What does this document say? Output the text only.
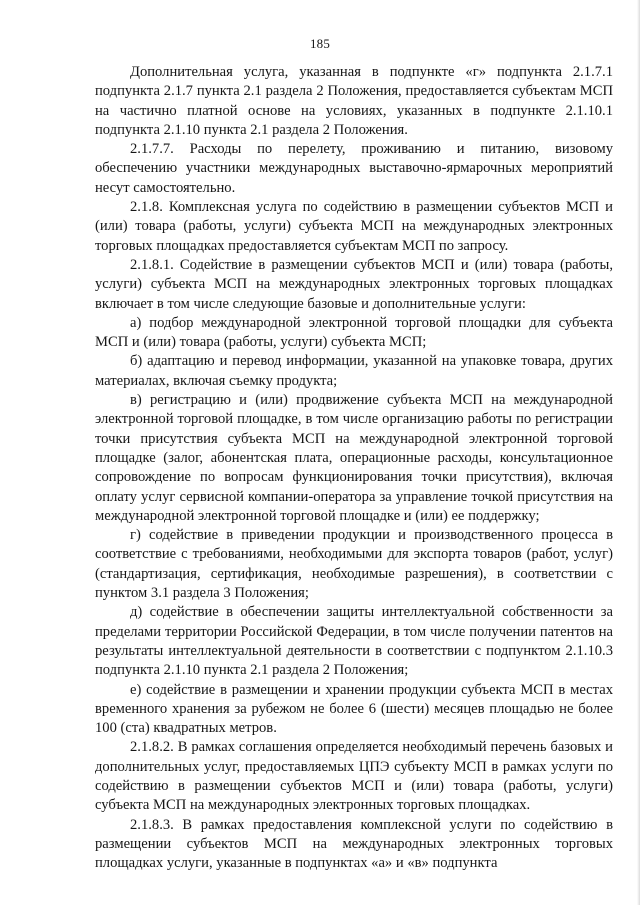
185

Дополнительная услуга, указанная в подпункте «г» подпункта 2.1.7.1 подпункта 2.1.7 пункта 2.1 раздела 2 Положения, предоставляется субъектам МСП на частично платной основе на условиях, указанных в подпункте 2.1.10.1 подпункта 2.1.10 пункта 2.1 раздела 2 Положения.

2.1.7.7. Расходы по перелету, проживанию и питанию, визовому обеспечению участники международных выставочно-ярмарочных мероприятий несут самостоятельно.

2.1.8. Комплексная услуга по содействию в размещении субъектов МСП и (или) товара (работы, услуги) субъекта МСП на международных электронных торговых площадках предоставляется субъектам МСП по запросу.

2.1.8.1. Содействие в размещении субъектов МСП и (или) товара (работы, услуги) субъекта МСП на международных электронных торговых площадках включает в том числе следующие базовые и дополнительные услуги:

а) подбор международной электронной торговой площадки для субъекта МСП и (или) товара (работы, услуги) субъекта МСП;

б) адаптацию и перевод информации, указанной на упаковке товара, других материалах, включая съемку продукта;

в) регистрацию и (или) продвижение субъекта МСП на международной электронной торговой площадке, в том числе организацию работы по регистрации точки присутствия субъекта МСП на международной электронной торговой площадке (залог, абонентская плата, операционные расходы, консультационное сопровождение по вопросам функционирования точки присутствия), включая оплату услуг сервисной компании-оператора за управление точкой присутствия на международной электронной торговой площадке и (или) ее поддержку;

г) содействие в приведении продукции и производственного процесса в соответствие с требованиями, необходимыми для экспорта товаров (работ, услуг) (стандартизация, сертификация, необходимые разрешения), в соответствии с пунктом 3.1 раздела 3 Положения;

д) содействие в обеспечении защиты интеллектуальной собственности за пределами территории Российской Федерации, в том числе получении патентов на результаты интеллектуальной деятельности в соответствии с подпунктом 2.1.10.3 подпункта 2.1.10 пункта 2.1 раздела 2 Положения;

е) содействие в размещении и хранении продукции субъекта МСП в местах временного хранения за рубежом не более 6 (шести) месяцев площадью не более 100 (ста) квадратных метров.

2.1.8.2. В рамках соглашения определяется необходимый перечень базовых и дополнительных услуг, предоставляемых ЦПЭ субъекту МСП в рамках услуги по содействию в размещении субъектов МСП и (или) товара (работы, услуги) субъекта МСП на международных электронных торговых площадках.

2.1.8.3. В рамках предоставления комплексной услуги по содействию в размещении субъектов МСП на международных электронных торговых площадках услуги, указанные в подпунктах «а» и «в» подпункта
